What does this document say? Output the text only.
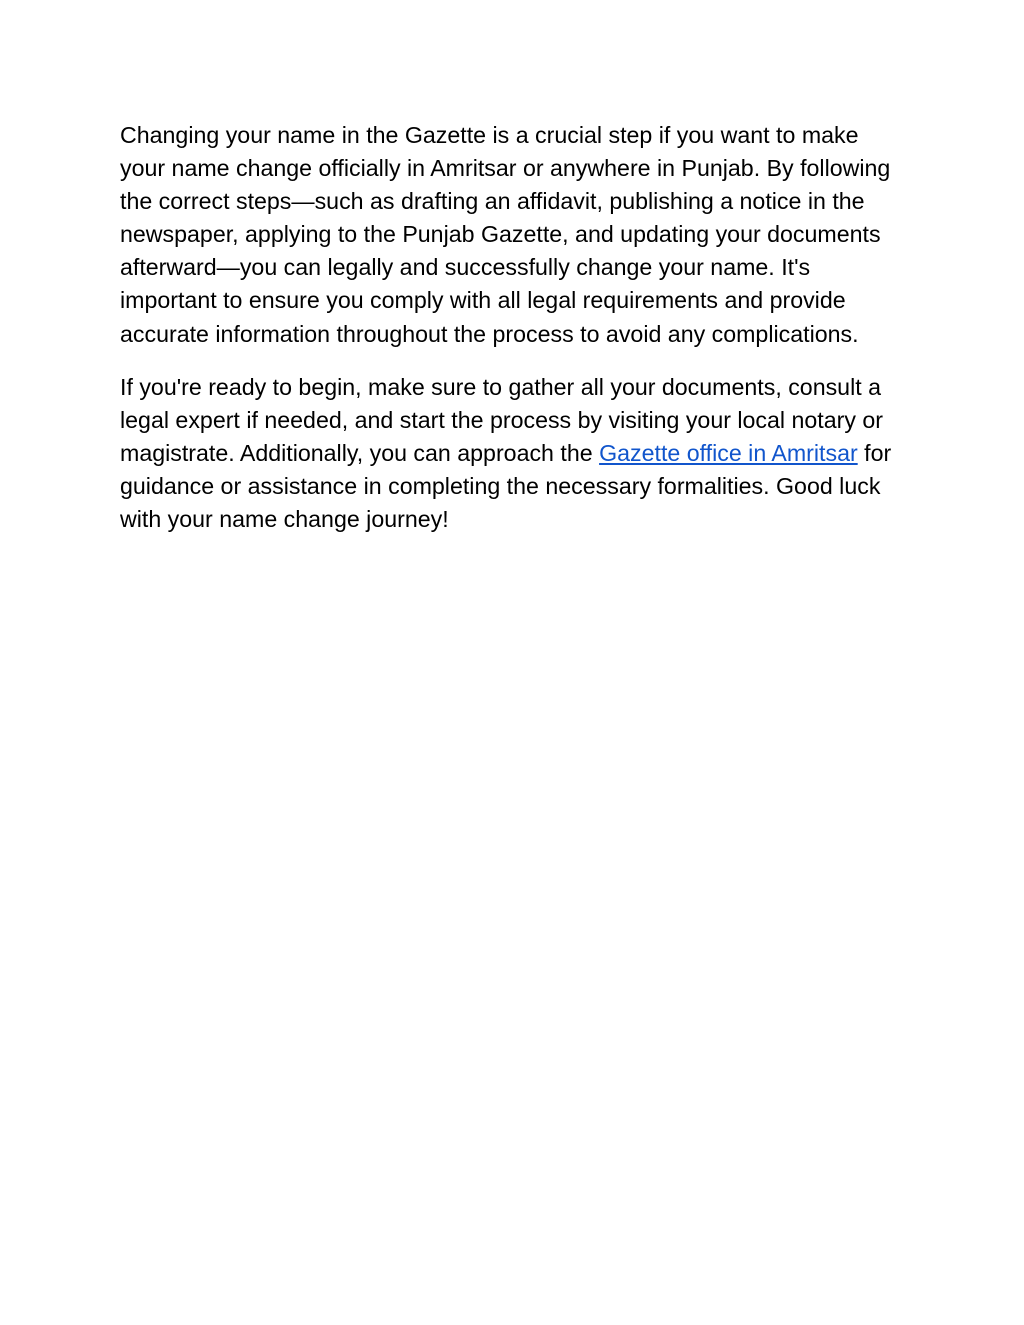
Changing your name in the Gazette is a crucial step if you want to make your name change officially in Amritsar or anywhere in Punjab. By following the correct steps—such as drafting an affidavit, publishing a notice in the newspaper, applying to the Punjab Gazette, and updating your documents afterward—you can legally and successfully change your name. It's important to ensure you comply with all legal requirements and provide accurate information throughout the process to avoid any complications.

If you're ready to begin, make sure to gather all your documents, consult a legal expert if needed, and start the process by visiting your local notary or magistrate. Additionally, you can approach the Gazette office in Amritsar for guidance or assistance in completing the necessary formalities. Good luck with your name change journey!
